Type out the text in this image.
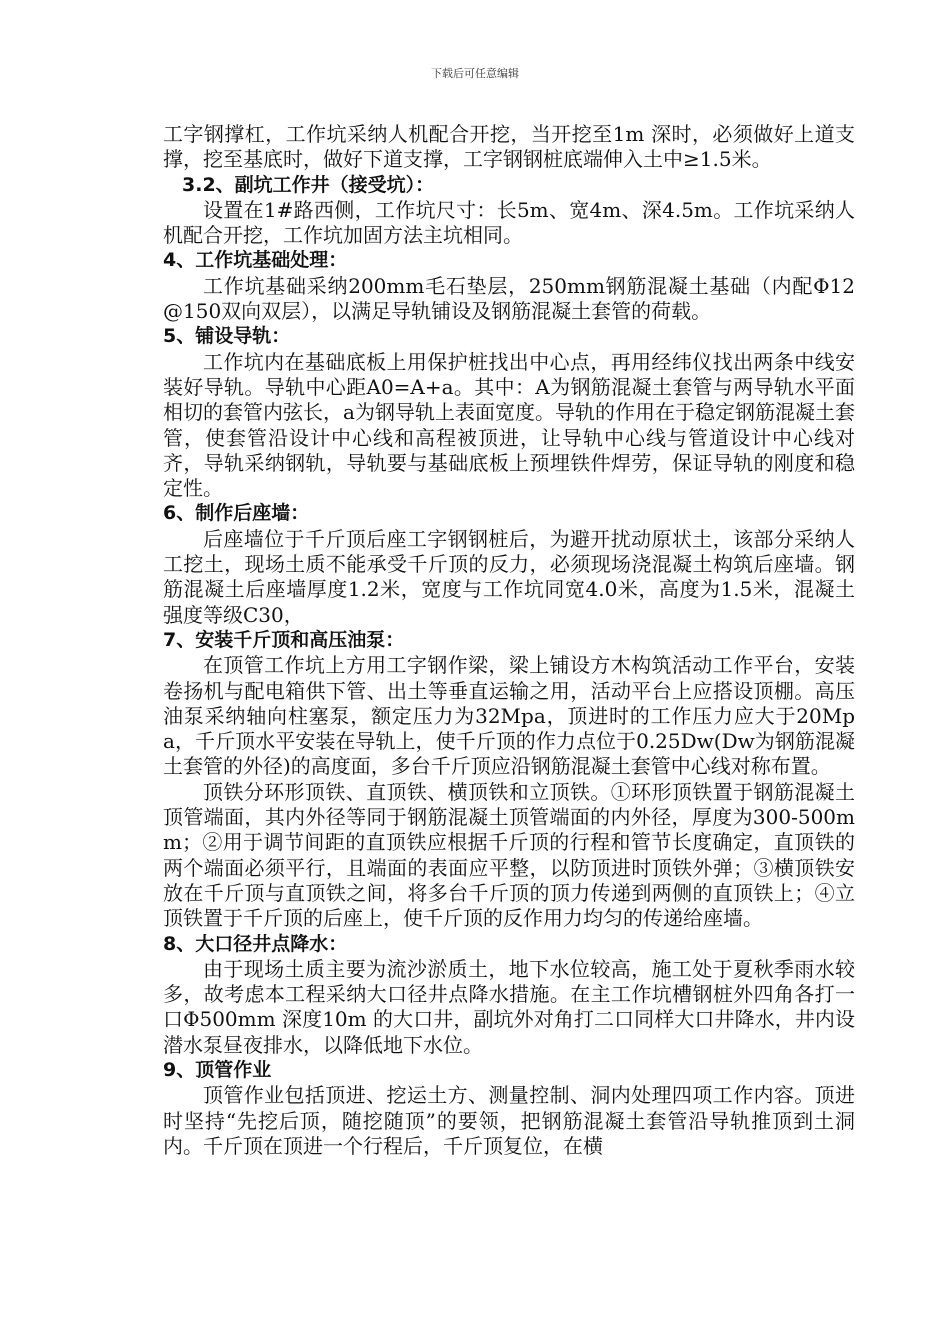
下载后可任意编辑

工字钢撑杠，工作坑采纳人机配合开挖，当开挖至1m 深时，必须做好上道支撑，挖至基底时，做好下道支撑，工字钢钢桩底端伸入土中≥1.5米。

3.2、副坑工作井（接受坑）：

设置在1#路西侧，工作坑尺寸：长5m、宽4m、深4.5m。工作坑采纳人机配合开挖，工作坑加固方法主坑相同。

4、工作坑基础处理：

工作坑基础采纳200mm毛石垫层，250mm钢筋混凝土基础（内配Φ12@150双向双层），以满足导轨铺设及钢筋混凝土套管的荷载。

5、铺设导轨：

工作坑内在基础底板上用保护桩找出中心点，再用经纬仪找出两条中线安装好导轨。导轨中心距A0=A+a。其中：A为钢筋混凝土套管与两导轨水平面相切的套管内弦长，a为钢导轨上表面宽度。导轨的作用在于稳定钢筋混凝土套管，使套管沿设计中心线和高程被顶进，让导轨中心线与管道设计中心线对齐，导轨采纳钢轨，导轨要与基础底板上预埋铁件焊劳，保证导轨的刚度和稳定性。

6、制作后座墙：

后座墙位于千斤顶后座工字钢钢桩后，为避开扰动原状土，该部分采纳人工挖土，现场土质不能承受千斤顶的反力，必须现场浇混凝土构筑后座墙。钢筋混凝土后座墙厚度1.2米，宽度与工作坑同宽4.0米，高度为1.5米，混凝土强度等级C30，

7、安装千斤顶和高压油泵：

在顶管工作坑上方用工字钢作梁，梁上铺设方木构筑活动工作平台，安装卷扬机与配电箱供下管、出土等垂直运输之用，活动平台上应搭设顶棚。高压油泵采纳轴向柱塞泵，额定压力为32Mpa，顶进时的工作压力应大于20Mpa，千斤顶水平安装在导轨上，使千斤顶的作力点位于0.25Dw(Dw为钢筋混凝土套管的外径)的高度面，多台千斤顶应沿钢筋混凝土套管中心线对称布置。

顶铁分环形顶铁、直顶铁、横顶铁和立顶铁。①环形顶铁置于钢筋混凝土顶管端面，其内外径等同于钢筋混凝土顶管端面的内外径，厚度为300-500mm；②用于调节间距的直顶铁应根据千斤顶的行程和管节长度确定，直顶铁的两个端面必须平行，且端面的表面应平整，以防顶进时顶铁外弹；③横顶铁安放在千斤顶与直顶铁之间，将多台千斤顶的顶力传递到两侧的直顶铁上；④立顶铁置于千斤顶的后座上，使千斤顶的反作用力均匀的传递给座墙。

8、大口径井点降水：

由于现场土质主要为流沙淤质土，地下水位较高，施工处于夏秋季雨水较多，故考虑本工程采纳大口径井点降水措施。在主工作坑槽钢桩外四角各打一口Φ500mm 深度10m 的大口井，副坑外对角打二口同样大口井降水，井内设潜水泵昼夜排水，以降低地下水位。

9、顶管作业

顶管作业包括顶进、挖运土方、测量控制、洞内处理四项工作内容。顶进时坚持“先挖后顶，随挖随顶”的要领，把钢筋混凝土套管沿导轨推顶到土洞内。千斤顶在顶进一个行程后，千斤顶复位，在横
